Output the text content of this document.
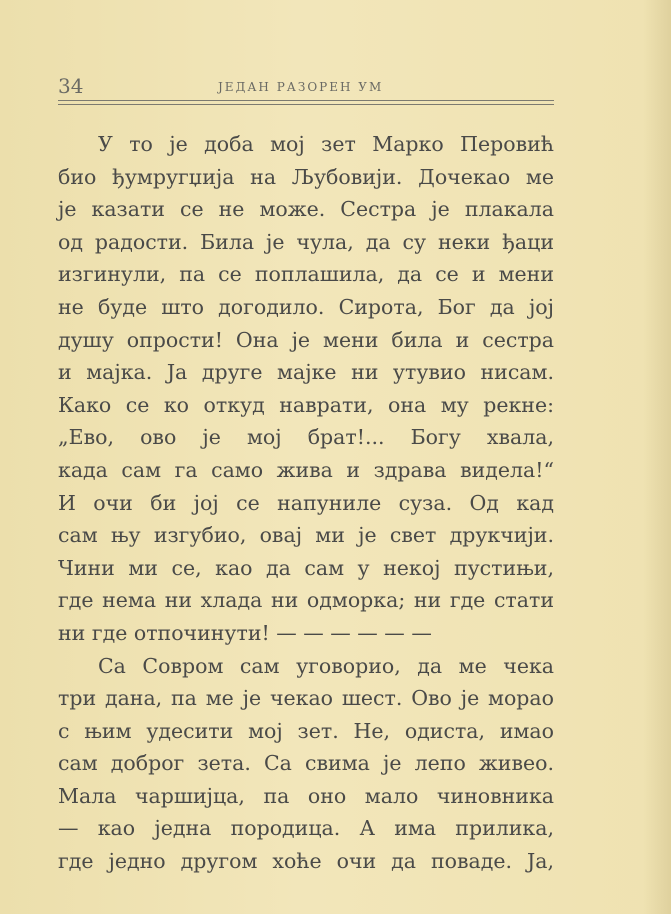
34	ЈЕДАН РАЗОРЕН УМ
У то је доба мој зет Марко Перовић
био ђумругџија на Љубовији. Дочекао ме
је казати се не може. Сестра је плакала
од радости. Била је чула, да су неки ђаци
изгинули, па се поплашила, да се и мени
не буде што догодило. Сирота, Бог да јој
душу опрости! Она је мени била и сестра
и мајка. Ја друге мајке ни утувио нисам.
Како се ко откуд наврати, она му рекне:
„Ево, ово је мој брат!... Богу хвала,
када сам га само жива и здрава видела!“
И очи би јој се напуниле суза. Од кад
сам њу изгубио, овај ми је свет друкчији.
Чини ми се, као да сам у некој пустињи,
где нема ни хлада ни одморка; ни где стати
ни где отпочинути! — — — — — —
Са Совром сам уговорио, да ме чека
три дана, па ме је чекао шест. Ово је морао
с њим удесити мој зет. Не, одиста, имао
сам доброг зета. Са свима је лепо живео.
Мала чаршијца, па оно мало чиновника
— као једна породица. А има прилика,
где једно другом хоће очи да поваде. Ја,
